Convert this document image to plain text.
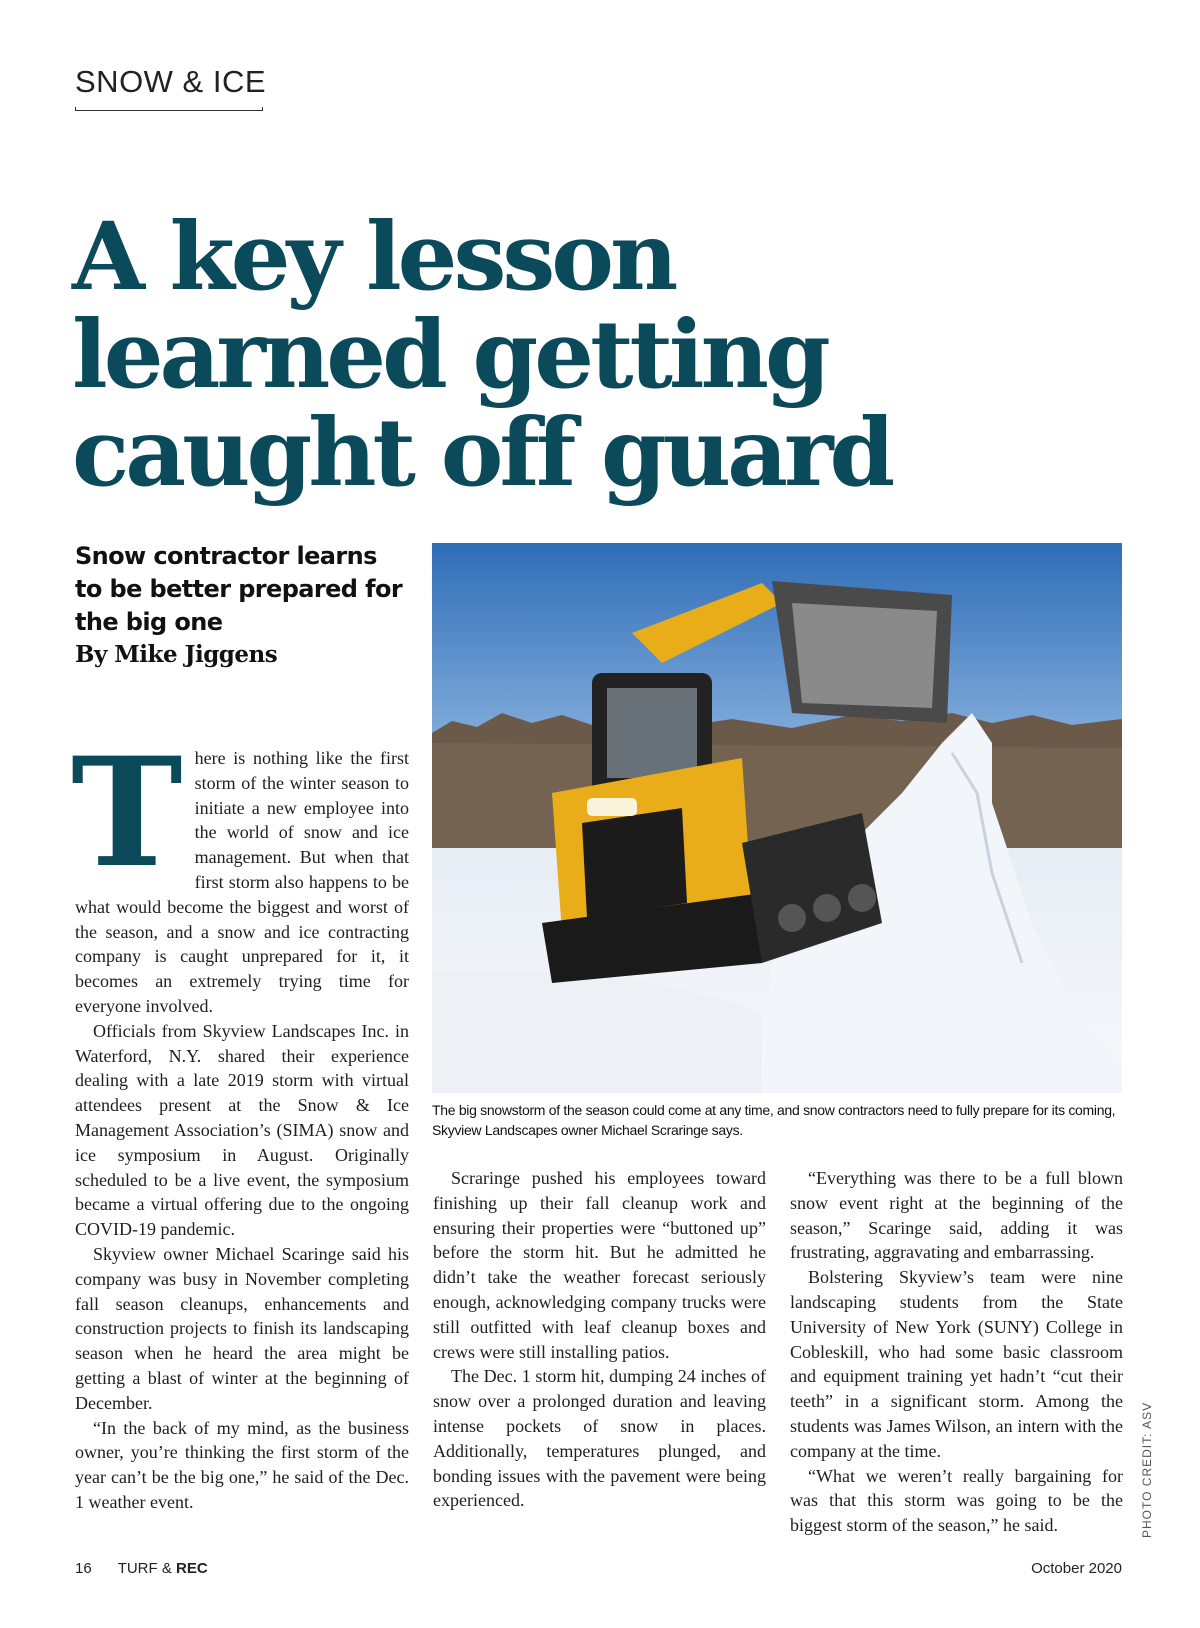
SNOW & ICE
A key lesson
learned getting
caught off guard
Snow contractor learns to be better prepared for the big one
By Mike Jiggens
The big snowstorm of the season could come at any time, and snow contractors need to fully prepare for its coming, Skyview Landscapes owner Michael Scraringe says.
PHOTO CREDIT: ASV
T here is nothing like the first storm of the winter season to initiate a new employee into the world of snow and ice management. But when that first storm also happens to be what would become the biggest and worst of the season, and a snow and ice contracting company is caught unprepared for it, it becomes an extremely trying time for everyone involved.

Officials from Skyview Landscapes Inc. in Waterford, N.Y. shared their experience dealing with a late 2019 storm with virtual attendees present at the Snow & Ice Management Association’s (SIMA) snow and ice symposium in August. Originally scheduled to be a live event, the symposium became a virtual offering due to the ongoing COVID-19 pandemic.

Skyview owner Michael Scaringe said his company was busy in November completing fall season cleanups, enhancements and construction projects to finish its landscaping season when he heard the area might be getting a blast of winter at the beginning of December.

“In the back of my mind, as the business owner, you’re thinking the first storm of the year can’t be the big one,” he said of the Dec. 1 weather event.

Scraringe pushed his employees toward finishing up their fall cleanup work and ensuring their properties were “buttoned up” before the storm hit. But he admitted he didn’t take the weather forecast seriously enough, acknowledging company trucks were still outfitted with leaf cleanup boxes and crews were still installing patios.

The Dec. 1 storm hit, dumping 24 inches of snow over a prolonged duration and leaving intense pockets of snow in places. Additionally, temperatures plunged, and bonding issues with the pavement were being experienced.

“Everything was there to be a full blown snow event right at the beginning of the season,” Scaringe said, adding it was frustrating, aggravating and embarrassing.

Bolstering Skyview’s team were nine landscaping students from the State University of New York (SUNY) College in Cobleskill, who had some basic classroom and equipment training yet hadn’t “cut their teeth” in a significant storm. Among the students was James Wilson, an intern with the company at the time.

“What we weren’t really bargaining for was that this storm was going to be the biggest storm of the season,” he said.

16 TURF & REC	October 2020
